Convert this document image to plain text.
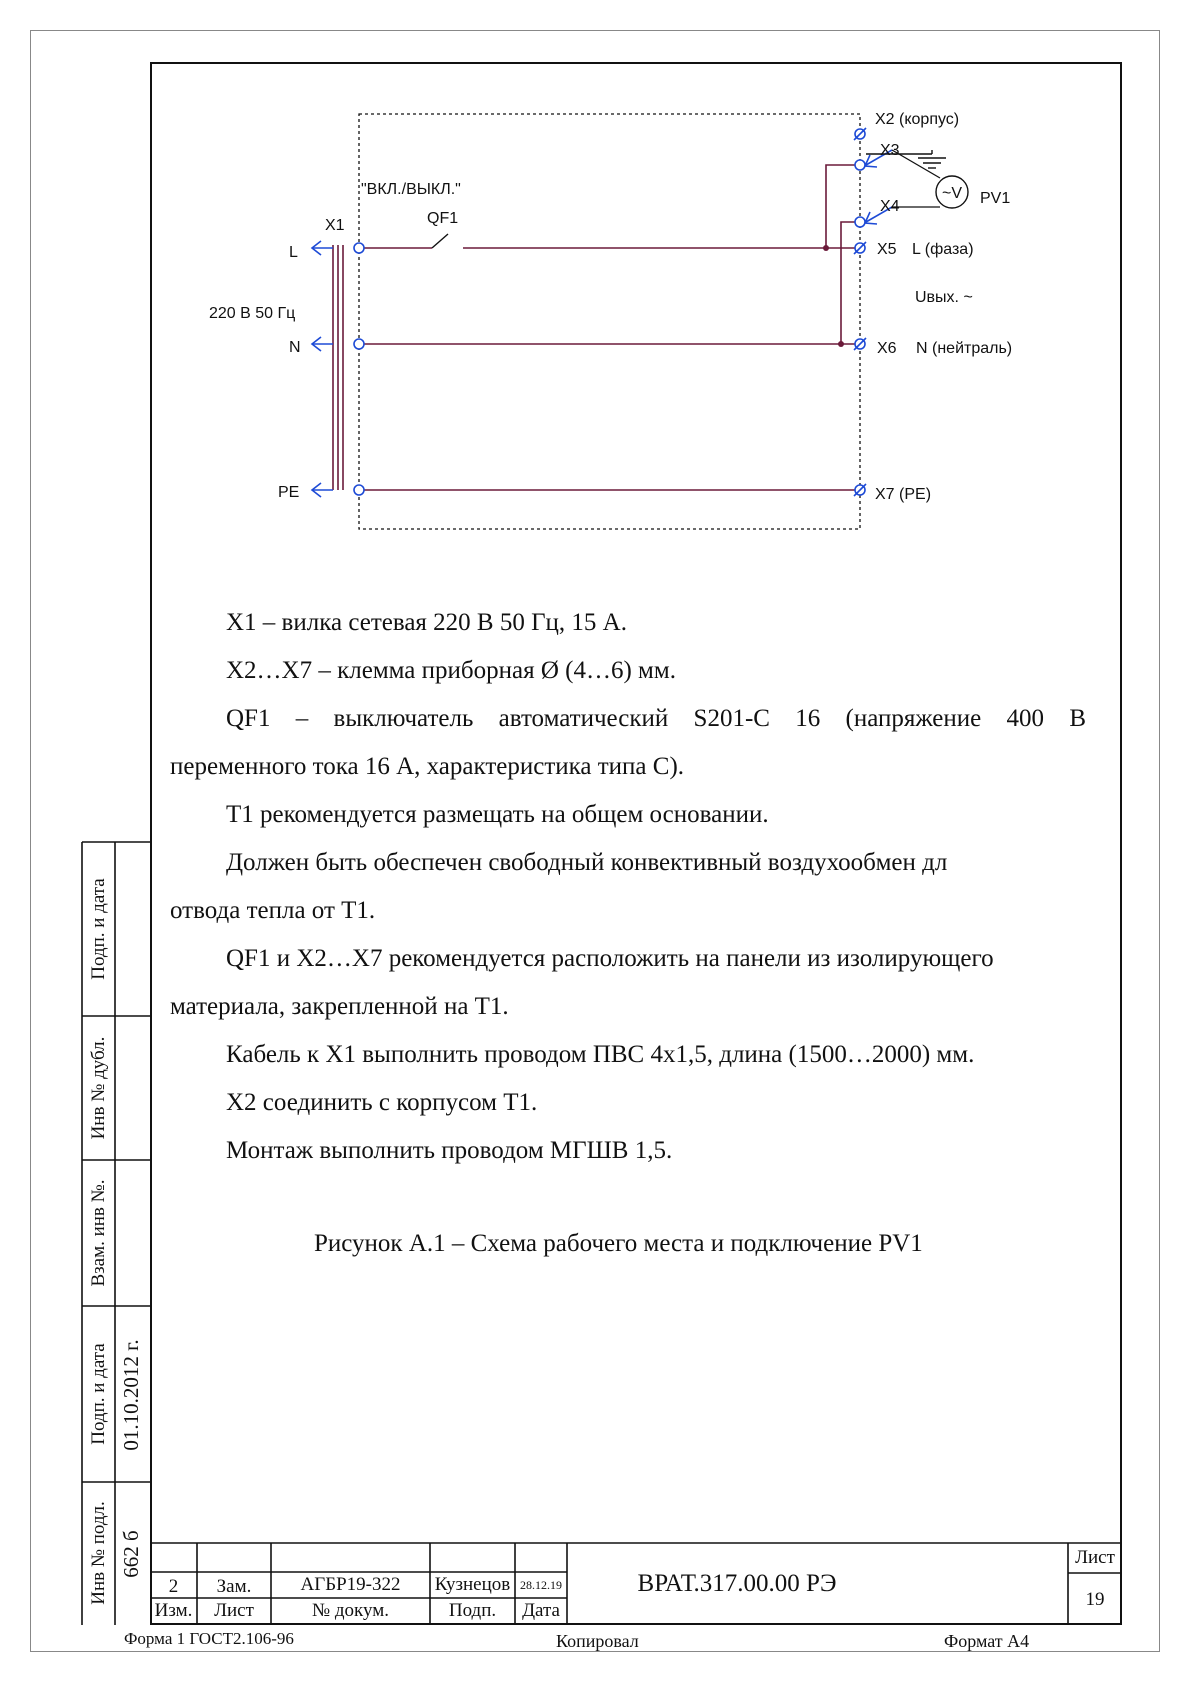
~V
"ВКЛ./ВЫКЛ."
X1	QF1
L
220 В 50 Гц
N
PE
X2 (корпус)
X3
X4	PV1
X5 L (фаза)
Uвых. ~
X6 N (нейтраль)
X7 (PE)
X1 – вилка сетевая 220 В 50 Гц, 15 А.
X2…X7 – клемма приборная Ø (4…6) мм.
QF1 – выключатель автоматический S201-C 16 (напряжение 400 В
переменного тока 16 А, характеристика типа С).
T1 рекомендуется размещать на общем основании.
Должен быть обеспечен свободный конвективный воздухообмен дл
отвода тепла от T1.
QF1 и X2…X7 рекомендуется расположить на панели из изолирующего
материала, закрепленной на T1.
Кабель к X1 выполнить проводом ПВС 4x1,5, длина (1500…2000) мм.
X2 соединить с корпусом T1.
Монтаж выполнить проводом МГШВ 1,5.
Рисунок А.1 – Схема рабочего места и подключение PV1
Подп. и дата
Инв № дубл.
Взам. инв №.
Подп. и дата 01.10.2012 г.
Инв № подл. 662 б
2	Зам.	АГБР19-322	Кузнецов 28.12.19
Изм.	Лист	№ докум.	Подп.	Дата
ВРАТ.317.00.00 РЭ
Лист
19
Форма 1 ГОСТ2.106-96	Копировал	Формат А4
